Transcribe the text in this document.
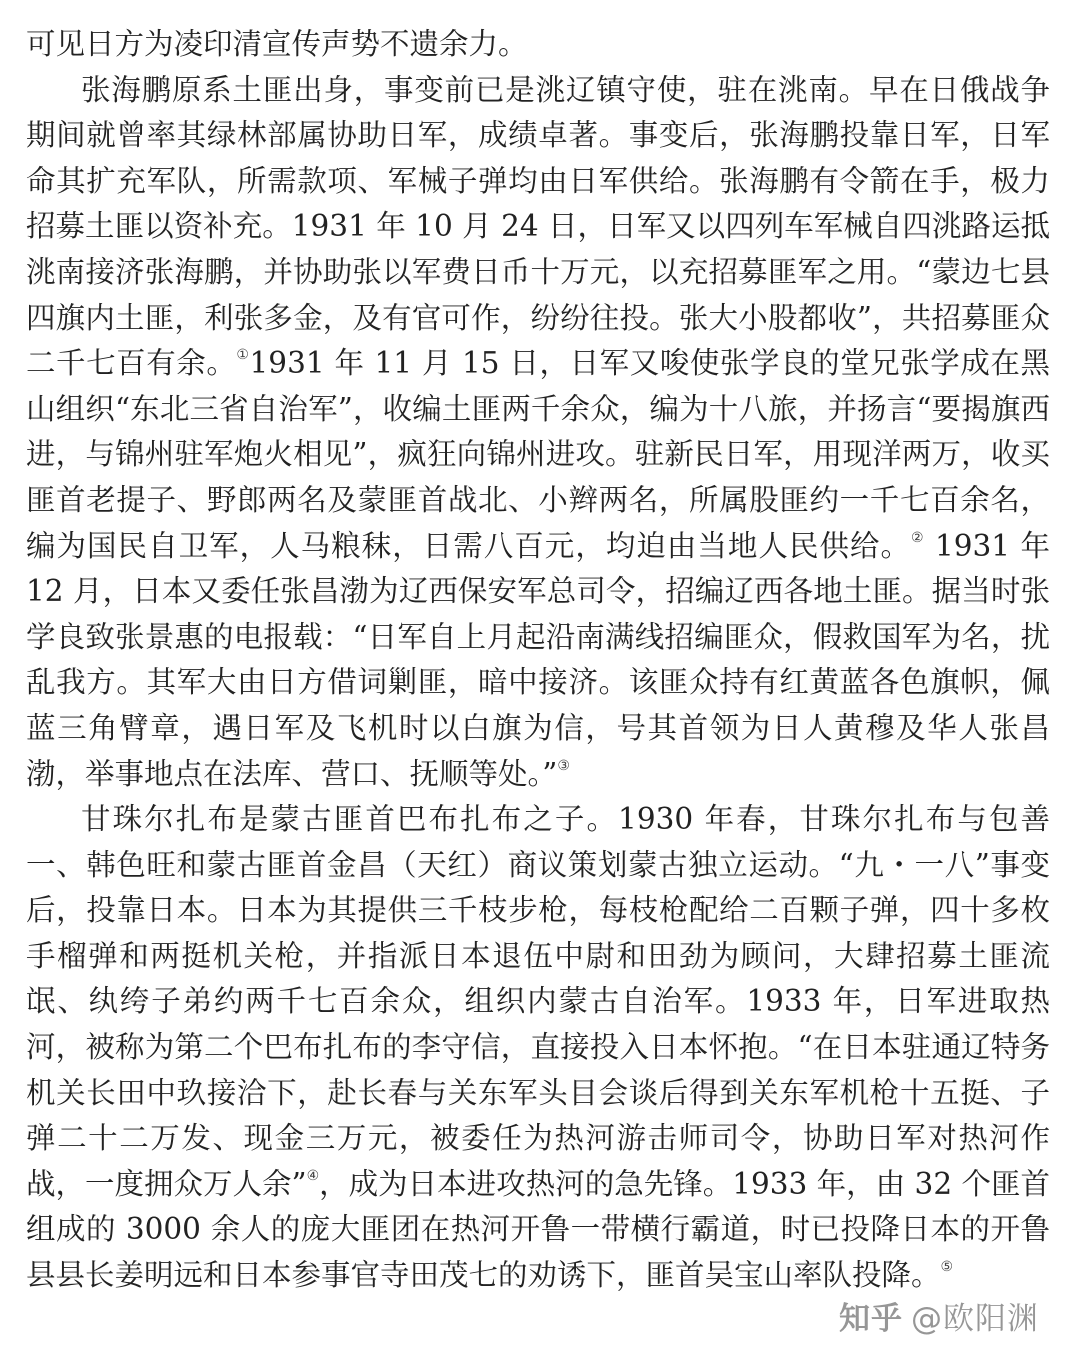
可见日方为凌印清宣传声势不遗余力。

张海鹏原系土匪出身，事变前已是洮辽镇守使，驻在洮南。早在日俄战争期间就曾率其绿林部属协助日军，成绩卓著。事变后，张海鹏投靠日军，日军命其扩充军队，所需款项、军械子弹均由日军供给。张海鹏有令箭在手，极力招募土匪以资补充。1931 年 10 月 24 日，日军又以四列车军械自四洮路运抵洮南接济张海鹏，并协助张以军费日币十万元，以充招募匪军之用。“蒙边七县四旗内土匪，利张多金，及有官可作，纷纷往投。张大小股都收”，共招募匪众二千七百有余。①1931 年 11 月 15 日，日军又唆使张学良的堂兄张学成在黑山组织“东北三省自治军”，收编土匪两千余众，编为十八旅，并扬言“要揭旗西进，与锦州驻军炮火相见”，疯狂向锦州进攻。驻新民日军，用现洋两万，收买匪首老提子、野郎两名及蒙匪首战北、小辫两名，所属股匪约一千七百余名，编为国民自卫军，人马粮秣，日需八百元，均迫由当地人民供给。② 1931 年 12 月，日本又委任张昌渤为辽西保安军总司令，招编辽西各地土匪。据当时张学良致张景惠的电报载：“日军自上月起沿南满线招编匪众，假救国军为名，扰乱我方。其军大由日方借词剿匪，暗中接济。该匪众持有红黄蓝各色旗帜，佩蓝三角臂章，遇日军及飞机时以白旗为信，号其首领为日人黄穆及华人张昌渤，举事地点在法库、营口、抚顺等处。”③

甘珠尔扎布是蒙古匪首巴布扎布之子。1930 年春，甘珠尔扎布与包善一、韩色旺和蒙古匪首金昌（天红）商议策划蒙古独立运动。“九・一八”事变后，投靠日本。日本为其提供三千枝步枪，每枝枪配给二百颗子弹，四十多枚手榴弹和两挺机关枪，并指派日本退伍中尉和田劲为顾问，大肆招募土匪流氓、纨绔子弟约两千七百余众，组织内蒙古自治军。1933 年，日军进取热河，被称为第二个巴布扎布的李守信，直接投入日本怀抱。“在日本驻通辽特务机关长田中玖接洽下，赴长春与关东军头目会谈后得到关东军机枪十五挺、子弹二十二万发、现金三万元，被委任为热河游击师司令，协助日军对热河作战，一度拥众万人余”④，成为日本进攻热河的急先锋。1933 年，由 32 个匪首组成的 3000 余人的庞大匪团在热河开鲁一带横行霸道，时已投降日本的开鲁县县长姜明远和日本参事官寺田茂七的劝诱下，匪首吴宝山率队投降。⑤

知乎 @欧阳渊
